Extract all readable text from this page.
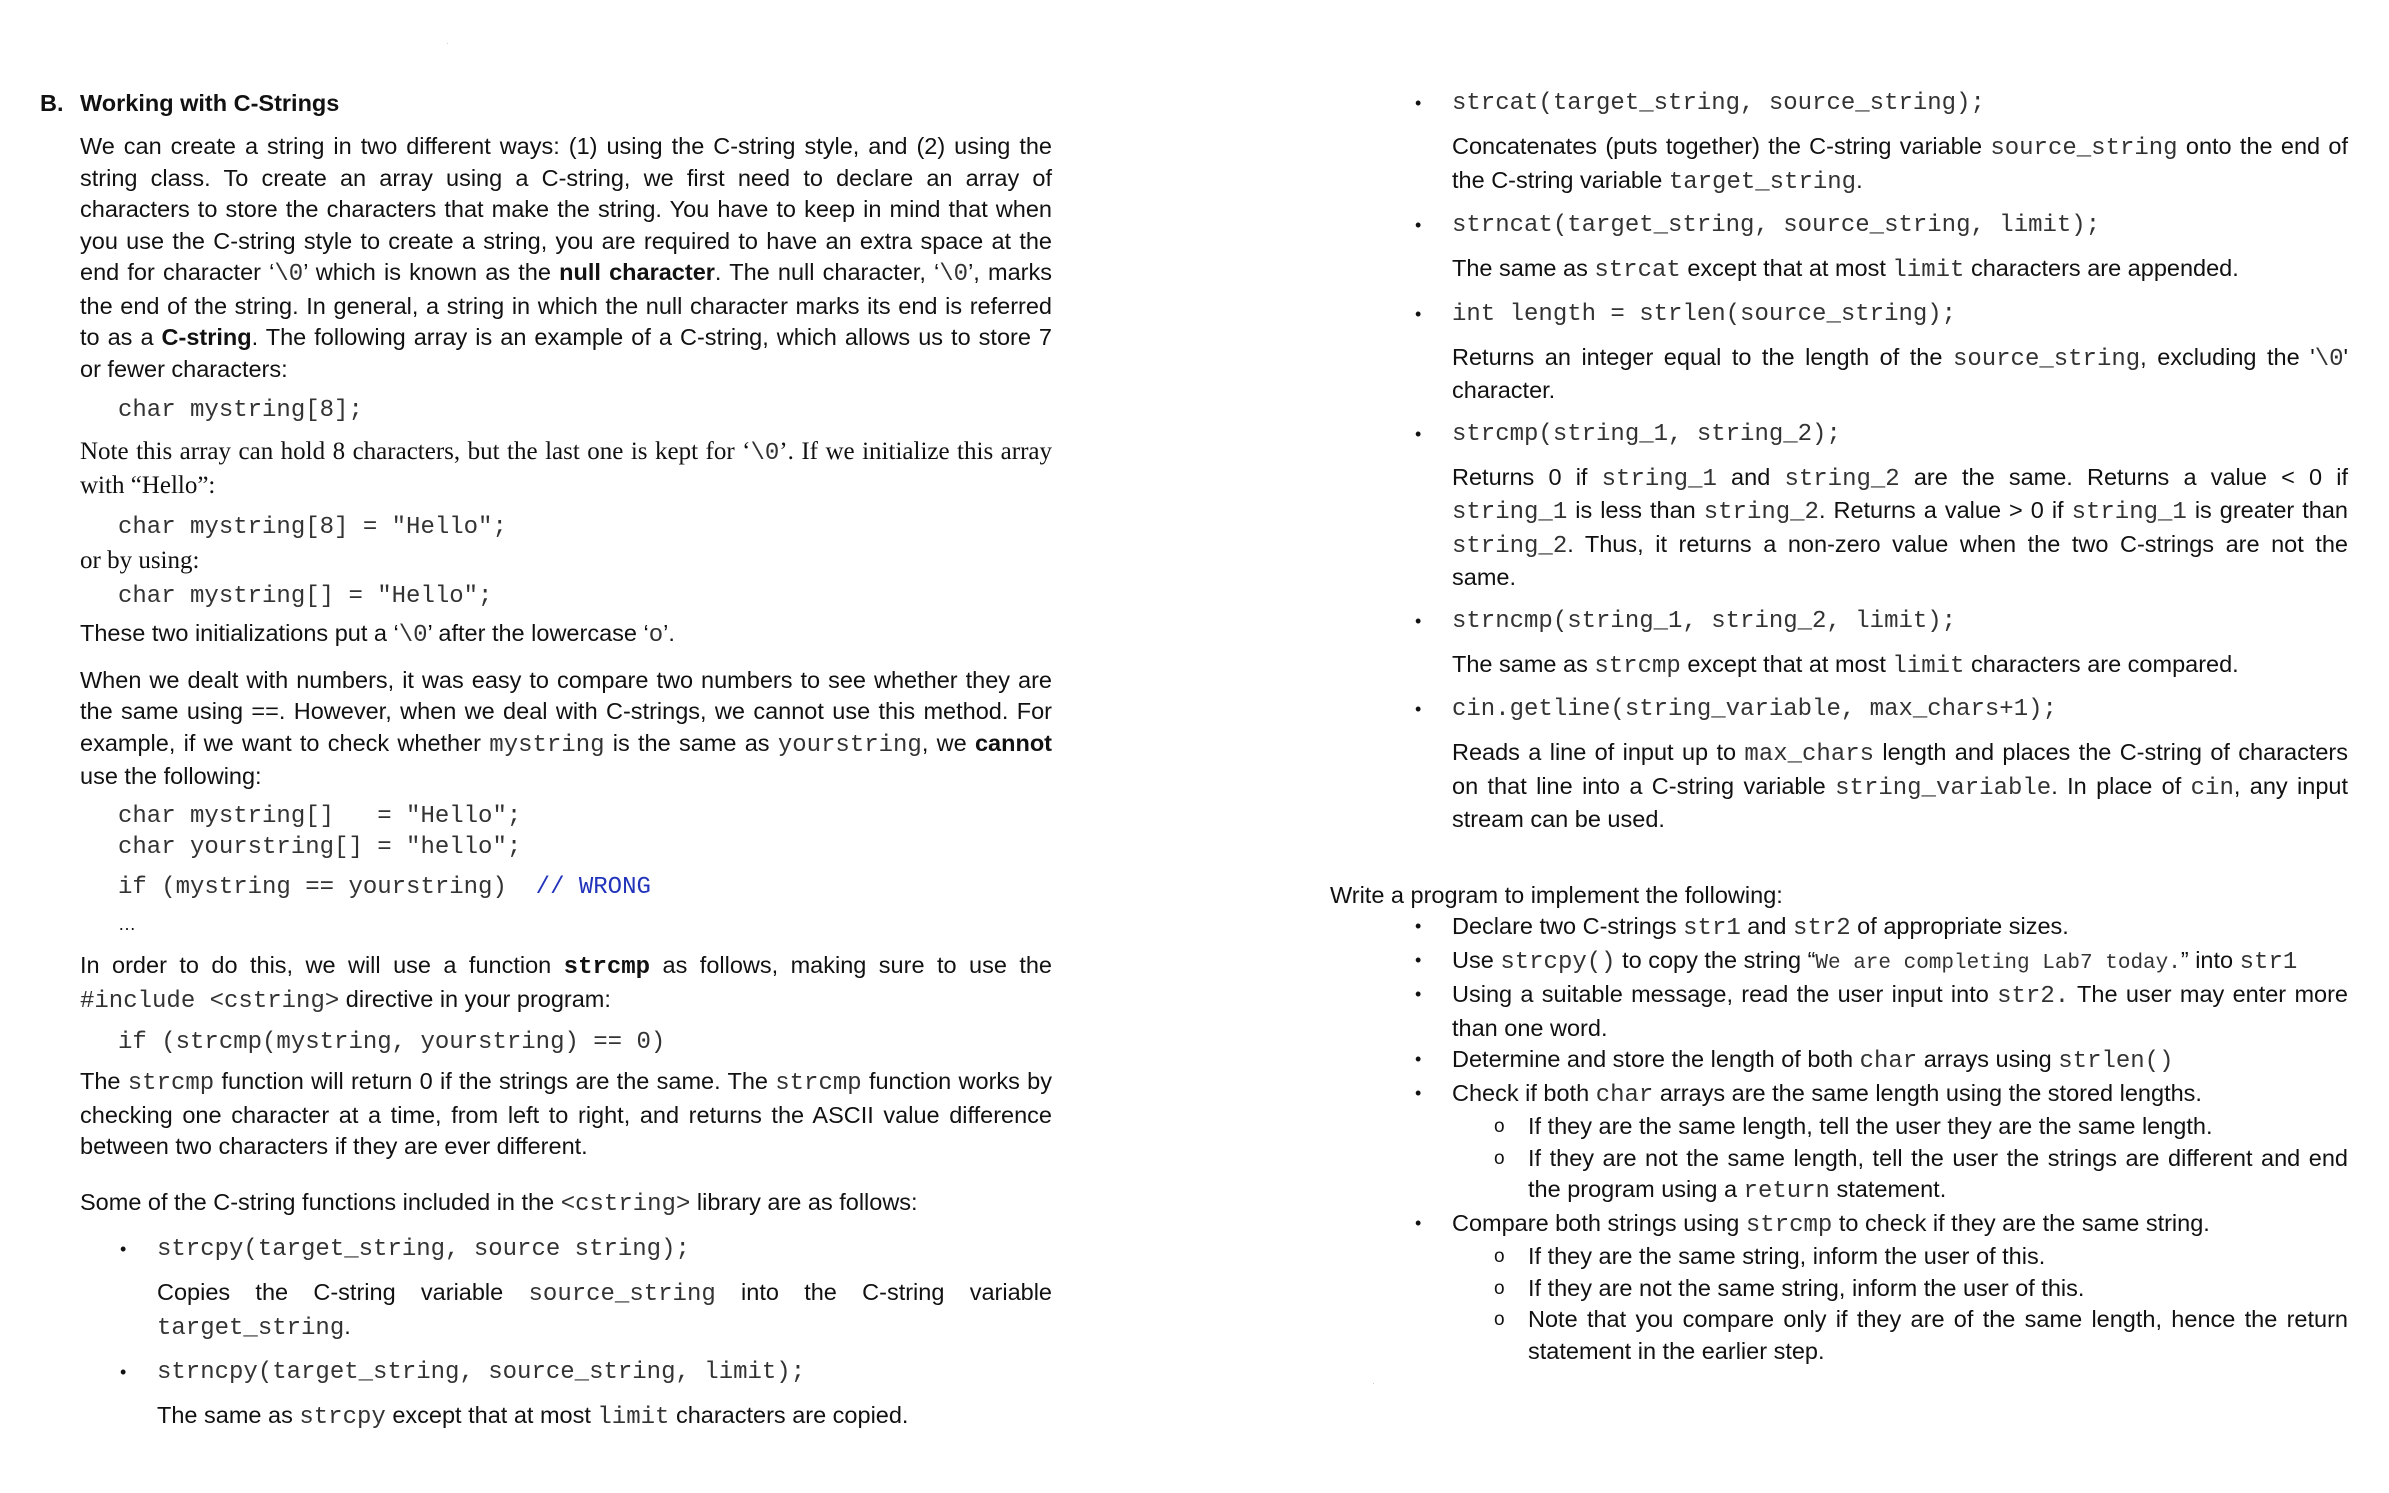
B. Working with C-Strings

We can create a string in two different ways: (1) using the C-string style, and (2) using the string class. To create an array using a C-string, we first need to declare an array of characters to store the characters that make the string. You have to keep in mind that when you use the C-string style to create a string, you are required to have an extra space at the end for character ‘\0’ which is known as the null character. The null character, ‘\0’, marks the end of the string. In general, a string in which the null character marks its end is referred to as a C-string. The following array is an example of a C-string, which allows us to store 7 or fewer characters:

char mystring[8];

Note this array can hold 8 characters, but the last one is kept for ‘\0’. If we initialize this array with “Hello”:

char mystring[8] = "Hello";

or by using:

char mystring[] = "Hello";

These two initializations put a ‘\0’ after the lowercase ‘o’.

When we dealt with numbers, it was easy to compare two numbers to see whether they are the same using ==. However, when we deal with C-strings, we cannot use this method. For example, if we want to check whether mystring is the same as yourstring, we cannot use the following:

char mystring[]   = "Hello";

char yourstring[] = "hello";

if (mystring == yourstring)  // WRONG

…

In order to do this, we will use a function strcmp as follows, making sure to use the #include <cstring> directive in your program:

if (strcmp(mystring, yourstring) == 0)

The strcmp function will return 0 if the strings are the same. The strcmp function works by checking one character at a time, from left to right, and returns the ASCII value difference between two characters if they are ever different.

Some of the C-string functions included in the <cstring> library are as follows:

• strcpy(target_string, source string);

Copies the C-string variable source_string into the C-string variable target_string.

• strncpy(target_string, source_string, limit);

The same as strcpy except that at most limit characters are copied.

• strcat(target_string, source_string);

Concatenates (puts together) the C-string variable source_string onto the end of the C-string variable target_string.

• strncat(target_string, source_string, limit);

The same as strcat except that at most limit characters are appended.

• int length = strlen(source_string);

Returns an integer equal to the length of the source_string, excluding the '\0' character.

• strcmp(string_1, string_2);

Returns 0 if string_1 and string_2 are the same. Returns a value < 0 if string_1 is less than string_2. Returns a value > 0 if string_1 is greater than string_2. Thus, it returns a non-zero value when the two C-strings are not the same.

• strncmp(string_1, string_2, limit);

The same as strcmp except that at most limit characters are compared.

• cin.getline(string_variable, max_chars+1);

Reads a line of input up to max_chars length and places the C-string of characters on that line into a C-string variable string_variable. In place of cin, any input stream can be used.

Write a program to implement the following:

• Declare two C-strings str1 and str2 of appropriate sizes.

• Use strcpy() to copy the string “We are completing Lab7 today.” into str1

• Using a suitable message, read the user input into str2. The user may enter more than one word.

• Determine and store the length of both char arrays using strlen()

• Check if both char arrays are the same length using the stored lengths.

o If they are the same length, tell the user they are the same length.

o If they are not the same length, tell the user the strings are different and end the program using a return statement.

• Compare both strings using strcmp to check if they are the same string.

o If they are the same string, inform the user of this.

o If they are not the same string, inform the user of this.

o Note that you compare only if they are of the same length, hence the return statement in the earlier step.
